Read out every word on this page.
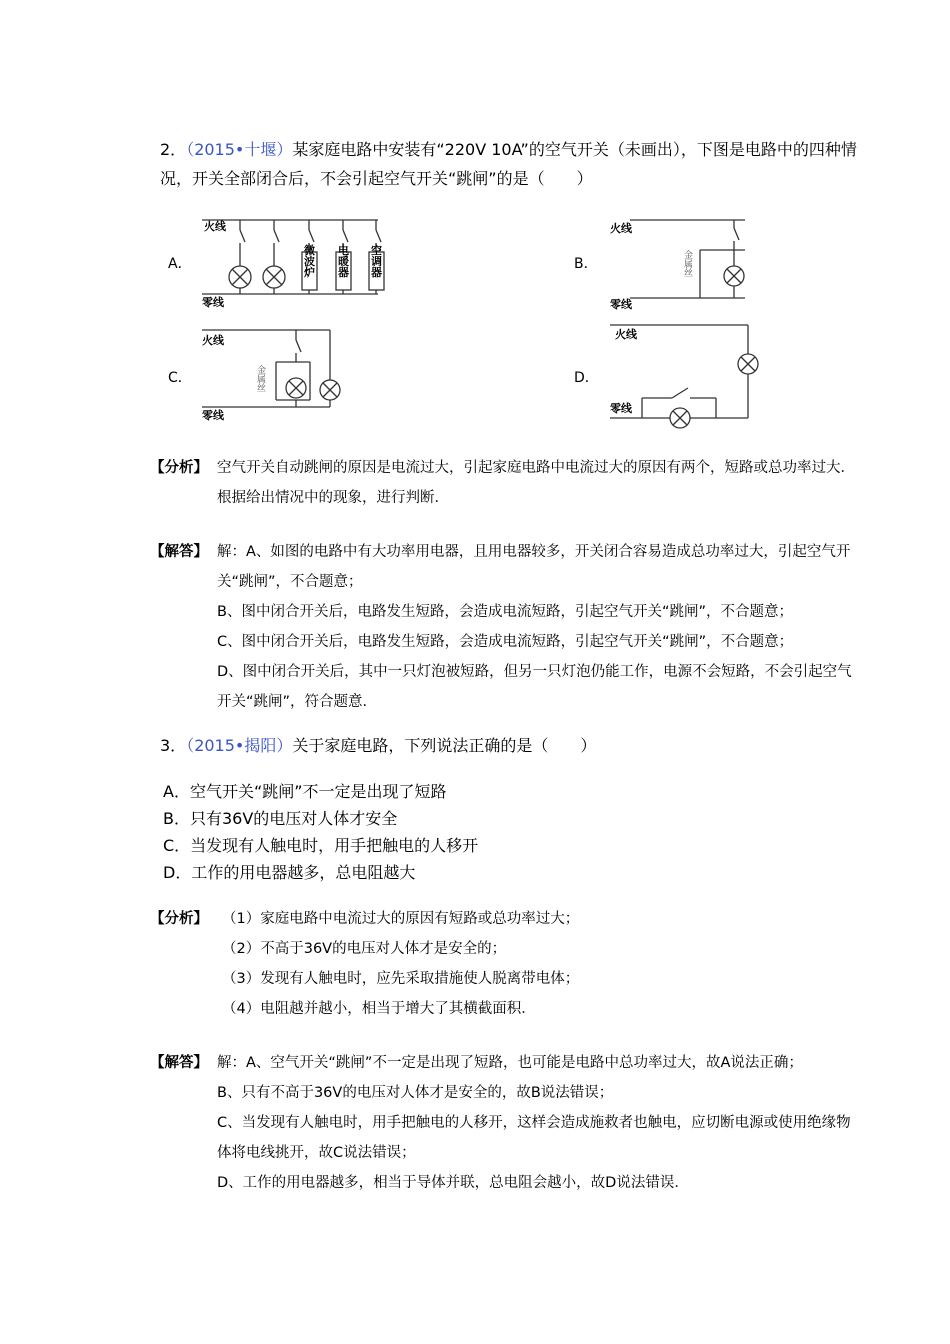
2．（2015•十堰）某家庭电路中安装有“220V 10A”的空气开关（未画出），下图是电路中的四种情
况，开关全部闭合后，不会引起空气开关“跳闸”的是（　　）
火线
零线
A．	微波炉 电暖器 空调器
火线
零线
B．	金属丝
火线
零线
C．	金属丝
火线
零线
D．
【分析】 空气开关自动跳闸的原因是电流过大，引起家庭电路中电流过大的原因有两个，短路或总功率过大．
根据给出情况中的现象，进行判断．
【解答】 解：A、如图的电路中有大功率用电器，且用电器较多，开关闭合容易造成总功率过大，引起空气开
关“跳闸”，不合题意；
B、图中闭合开关后，电路发生短路，会造成电流短路，引起空气开关“跳闸”，不合题意；
C、图中闭合开关后，电路发生短路，会造成电流短路，引起空气开关“跳闸”，不合题意；
D、图中闭合开关后，其中一只灯泡被短路，但另一只灯泡仍能工作，电源不会短路，不会引起空气
开关“跳闸”，符合题意．
3．（2015•揭阳）关于家庭电路，下列说法正确的是（　　）
A．空气开关“跳闸”不一定是出现了短路
B．只有36V的电压对人体才安全
C．当发现有人触电时，用手把触电的人移开
D．工作的用电器越多，总电阻越大
【分析】 （1）家庭电路中电流过大的原因有短路或总功率过大；
（2）不高于36V的电压对人体才是安全的；
（3）发现有人触电时，应先采取措施使人脱离带电体；
（4）电阻越并越小，相当于增大了其横截面积．
【解答】 解：A、空气开关“跳闸”不一定是出现了短路，也可能是电路中总功率过大，故A说法正确；
B、只有不高于36V的电压对人体才是安全的，故B说法错误；
C、当发现有人触电时，用手把触电的人移开，这样会造成施救者也触电，应切断电源或使用绝缘物
体将电线挑开，故C说法错误；
D、工作的用电器越多，相当于导体并联，总电阻会越小，故D说法错误．
